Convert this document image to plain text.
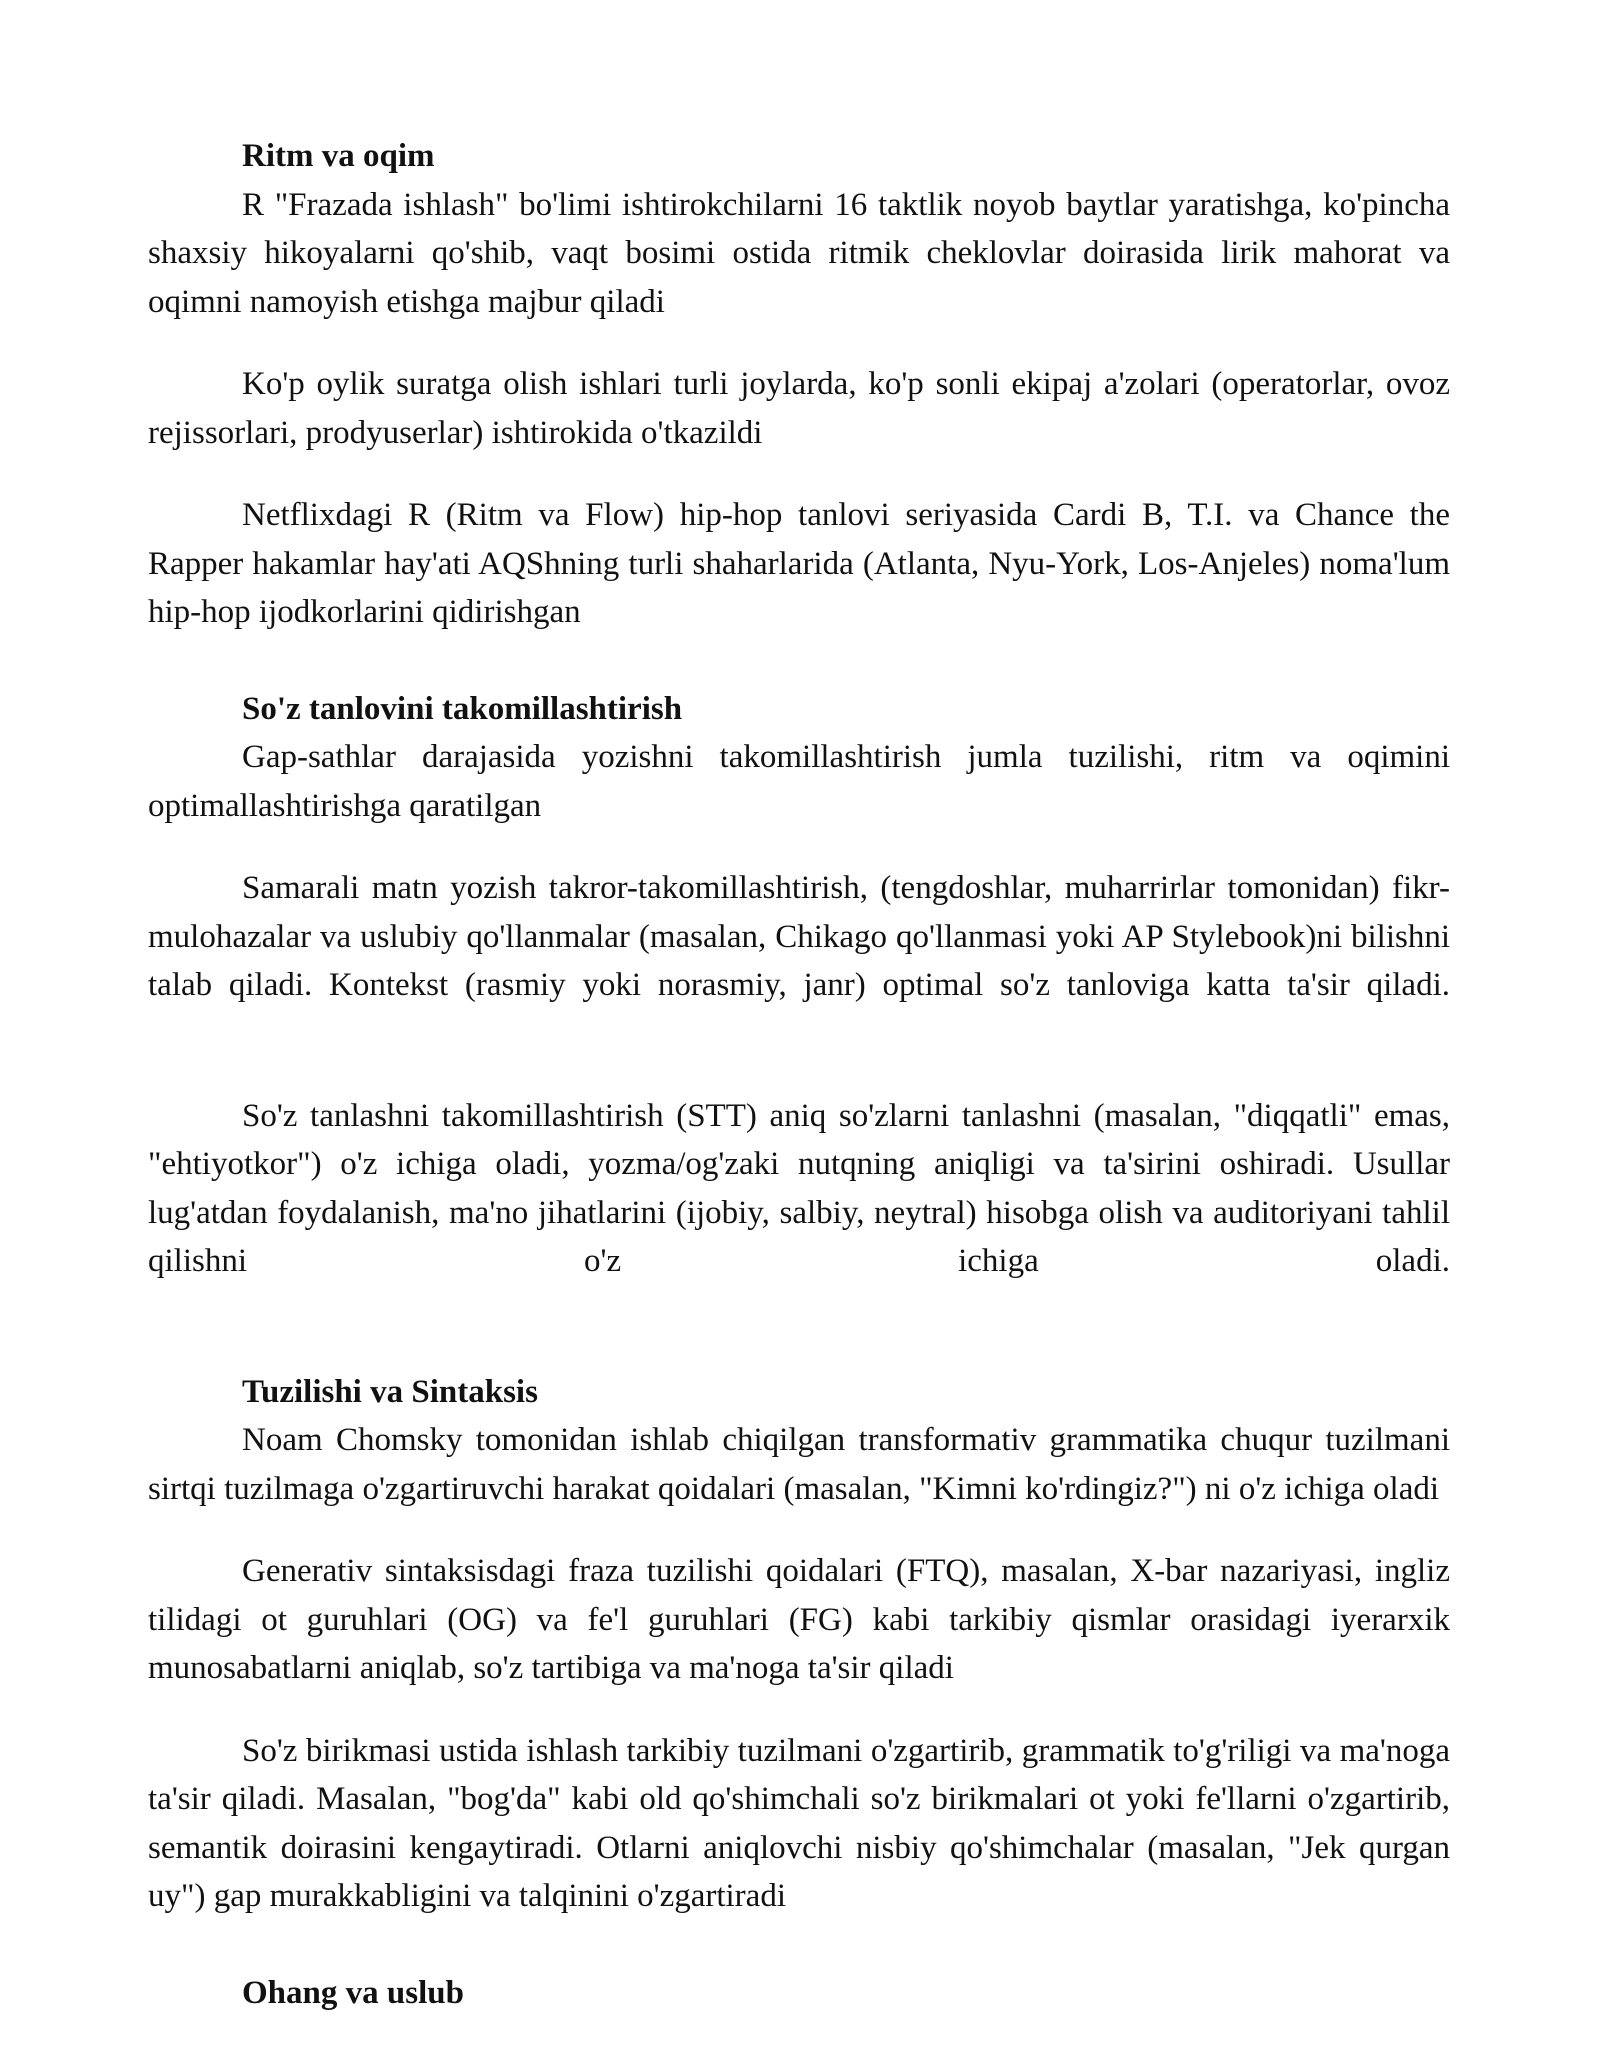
Ritm va oqim

R "Frazada ishlash" bo'limi ishtirokchilarni 16 taktlik noyob baytlar yaratishga, ko'pincha shaxsiy hikoyalarni qo'shib, vaqt bosimi ostida ritmik cheklovlar doirasida lirik mahorat va oqimni namoyish etishga majbur qiladi

Ko'p oylik suratga olish ishlari turli joylarda, ko'p sonli ekipaj a'zolari (operatorlar, ovoz rejissorlari, prodyuserlar) ishtirokida o'tkazildi

Netflixdagi R (Ritm va Flow) hip-hop tanlovi seriyasida Cardi B, T.I. va Chance the Rapper hakamlar hay'ati AQShning turli shaharlarida (Atlanta, Nyu-York, Los-Anjeles) noma'lum hip-hop ijodkorlarini qidirishgan

So'z tanlovini takomillashtirish

Gap-sathlar darajasida yozishni takomillashtirish jumla tuzilishi, ritm va oqimini optimallashtirishga qaratilgan

Samarali matn yozish takror-takomillashtirish, (tengdoshlar, muharrirlar tomonidan) fikr-mulohazalar va uslubiy qo'llanmalar (masalan, Chikago qo'llanmasi yoki AP Stylebook)ni bilishni talab qiladi. Kontekst (rasmiy yoki norasmiy, janr) optimal so'z tanloviga katta ta'sir qiladi.

So'z tanlashni takomillashtirish (STT) aniq so'zlarni tanlashni (masalan, "diqqatli" emas, "ehtiyotkor") o'z ichiga oladi, yozma/og'zaki nutqning aniqligi va ta'sirini oshiradi. Usullar lug'atdan foydalanish, ma'no jihatlarini (ijobiy, salbiy, neytral) hisobga olish va auditoriyani tahlil qilishni o'z ichiga oladi.

Tuzilishi va Sintaksis

Noam Chomsky tomonidan ishlab chiqilgan transformativ grammatika chuqur tuzilmani sirtqi tuzilmaga o'zgartiruvchi harakat qoidalari (masalan, "Kimni ko'rdingiz?") ni o'z ichiga oladi

Generativ sintaksisdagi fraza tuzilishi qoidalari (FTQ), masalan, X-bar nazariyasi, ingliz tilidagi ot guruhlari (OG) va fe'l guruhlari (FG) kabi tarkibiy qismlar orasidagi iyerarxik munosabatlarni aniqlab, so'z tartibiga va ma'noga ta'sir qiladi

So'z birikmasi ustida ishlash tarkibiy tuzilmani o'zgartirib, grammatik to'g'riligi va ma'noga ta'sir qiladi. Masalan, "bog'da" kabi old qo'shimchali so'z birikmalari ot yoki fe'llarni o'zgartirib, semantik doirasini kengaytiradi. Otlarni aniqlovchi nisbiy qo'shimchalar (masalan, "Jek qurgan uy") gap murakkabligini va talqinini o'zgartiradi

Ohang va uslub
